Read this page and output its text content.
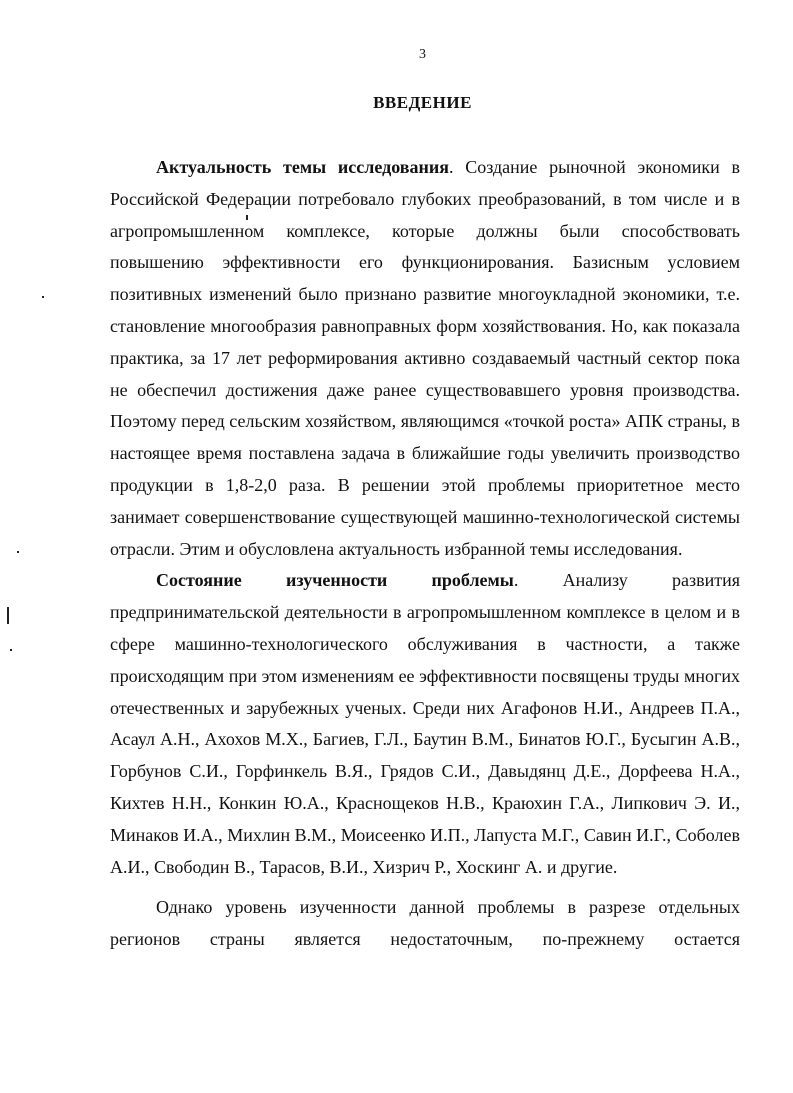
3
ВВЕДЕНИЕ

Актуальность темы исследования. Создание рыночной экономики в Российской Федерации потребовало глубоких преобразований, в том числе и в агропромышленном комплексе, которые должны были способствовать повышению эффективности его функционирования. Базисным условием позитивных изменений было признано развитие многоукладной экономики, т.е. становление многообразия равноправных форм хозяйствования. Но, как показала практика, за 17 лет реформирования активно создаваемый частный сектор пока не обеспечил достижения даже ранее существовавшего уровня производства. Поэтому перед сельским хозяйством, являющимся «точкой роста» АПК страны, в настоящее время поставлена задача в ближайшие годы увеличить производство продукции в 1,8-2,0 раза. В решении этой проблемы приоритетное место занимает совершенствование существующей машинно-технологической системы отрасли. Этим и обусловлена актуальность избранной темы исследования.

Состояние изученности проблемы. Анализу развития предпринимательской деятельности в агропромышленном комплексе в целом и в сфере машинно-технологического обслуживания в частности, а также происходящим при этом изменениям ее эффективности посвящены труды многих отечественных и зарубежных ученых. Среди них Агафонов Н.И., Андреев П.А., Асаул А.Н., Ахохов М.Х., Багиев, Г.Л., Баутин В.М., Бинатов Ю.Г., Бусыгин А.В., Горбунов С.И., Горфинкель В.Я., Грядов С.И., Давыдянц Д.Е., Дорфеева Н.А., Кихтев Н.Н., Конкин Ю.А., Краснощеков Н.В., Краюхин Г.А., Липкович Э. И., Минаков И.А., Михлин В.М., Моисеенко И.П., Лапуста М.Г., Савин И.Г., Соболев А.И., Свободин В., Тарасов, В.И., Хизрич Р., Хоскинг А. и другие.

Однако уровень изученности данной проблемы в разрезе отдельных регионов страны является недостаточным, по-прежнему остается
